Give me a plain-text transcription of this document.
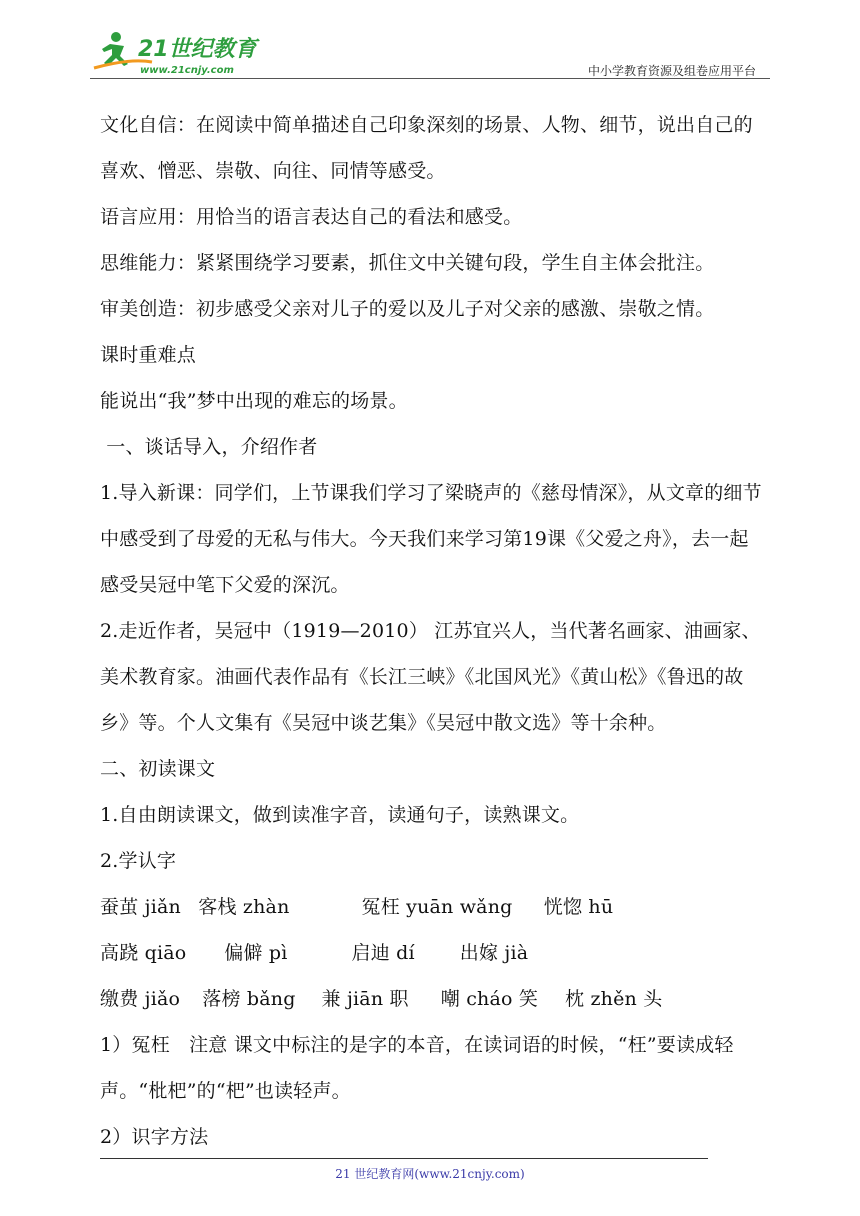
21世纪教育
www.21cnjy.com	中小学教育资源及组卷应用平台
文化自信：在阅读中简单描述自己印象深刻的场景、人物、细节，说出自己的喜欢、憎恶、崇敬、向往、同情等感受。
语言应用：用恰当的语言表达自己的看法和感受。
思维能力：紧紧围绕学习要素，抓住文中关键句段，学生自主体会批注。
审美创造：初步感受父亲对儿子的爱以及儿子对父亲的感激、崇敬之情。
课时重难点
能说出“我”梦中出现的难忘的场景。
一、谈话导入，介绍作者
1.导入新课：同学们，上节课我们学习了梁晓声的《慈母情深》，从文章的细节中感受到了母爱的无私与伟大。今天我们来学习第19课《父爱之舟》，去一起感受吴冠中笔下父爱的深沉。
2.走近作者，吴冠中（1919—2010） 江苏宜兴人，当代著名画家、油画家、美术教育家。油画代表作品有《长江三峡》《北国风光》《黄山松》《鲁迅的故乡》等。个人文集有《吴冠中谈艺集》《吴冠中散文选》等十余种。
二、初读课文
1.自由朗读课文，做到读准字音，读通句子，读熟课文。
2.学认字
蚕茧 jiǎn 客栈 zhàn	冤枉 yuān wǎng 恍惚 hū
高跷 qiāo 偏僻 pì	启迪 dí 出嫁 jià
缴费 jiǎo 落榜 bǎng 兼 jiān 职 嘲 cháo 笑 枕 zhěn 头
1）冤枉　注意 课文中标注的是字的本音，在读词语的时候，“枉”要读成轻声。“枇杷”的“杷”也读轻声。
2）识字方法
21 世纪教育网(www.21cnjy.com)
